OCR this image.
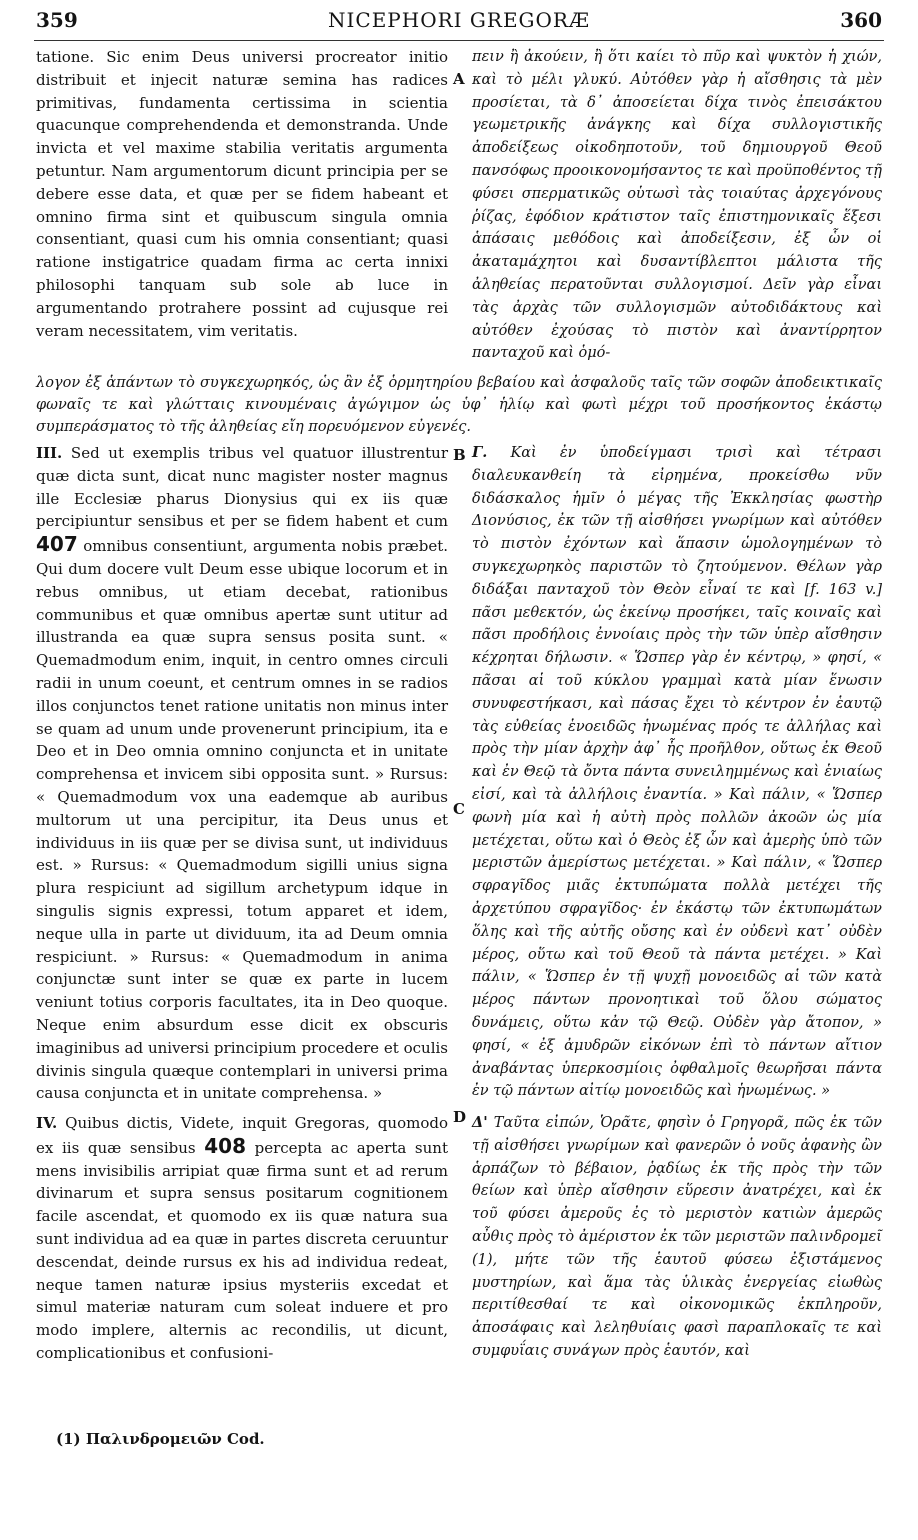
359	NICEPHORI GREGORÆ	360

tatione. Sic enim Deus universi procreator initio distribuit et injecit naturæ semina has radices primitivas, fundamenta certissima in scientia quacunque comprehendenda et demonstranda. Unde invicta et vel maxime stabilia veritatis argumenta petuntur. Nam argumentorum dicunt principia per se debere esse data, et quæ per se fidem habeant et omnino firma sint et quibuscum singula omnia consentiant, quasi cum his omnia consentiant; quasi ratione instigatrice quadam firma ac certa innixi philosophi tanquam sub sole ab luce in argumentando protrahere possint ad cujusque rei veram necessitatem, vim veritatis.

III. Sed ut exemplis tribus vel quatuor illustrentur quæ dicta sunt, dicat nunc magister noster magnus ille Ecclesiæ pharus Dionysius qui ex iis quæ percipiuntur sensibus et per se fidem habent et cum 407 omnibus consentiunt, argumenta nobis præbet. Qui dum docere vult Deum esse ubique locorum et in rebus omnibus, ut etiam decebat, rationibus communibus et quæ omnibus apertæ sunt utitur ad illustranda ea quæ supra sensus posita sunt. « Quemadmodum enim, inquit, in centro omnes circuli radii in unum coeunt, et centrum omnes in se radios illos conjunctos tenet ratione unitatis non minus inter se quam ad unum unde provenerunt principium, ita e Deo et in Deo omnia omnino conjuncta et in unitate comprehensa et invicem sibi opposita sunt. » Rursus: « Quemadmodum vox una eademque ab auribus multorum ut una percipitur, ita Deus unus et individuus in iis quæ per se divisa sunt, ut individuus est. » Rursus: « Quemadmodum sigilli unius signa plura respiciunt ad sigillum archetypum idque in singulis signis expressi, totum apparet et idem, neque ulla in parte ut dividuum, ita ad Deum omnia respiciunt. » Rursus: « Quemadmodum in anima conjunctæ sunt inter se quæ ex parte in lucem veniunt totius corporis facultates, ita in Deo quoque. Neque enim absurdum esse dicit ex obscuris imaginibus ad universi principium procedere et oculis divinis singula quæque contemplari in universi prima causa conjuncta et in unitate comprehensa. »

IV. Quibus dictis, Videte, inquit Gregoras, quomodo ex iis quæ sensibus 408 percepta ac aperta sunt mens invisibilis arripiat quæ firma sunt et ad rerum divinarum et supra sensus positarum cognitionem facile ascendat, et quomodo ex iis quæ natura sua sunt individua ad ea quæ in partes discreta ceruuntur descendat, deinde rursus ex his ad individua redeat, neque tamen naturæ ipsius mysteriis excedat et simul materiæ naturam cum soleat induere et pro modo implere, alternis ac recondilis, ut dicunt, complicationibus et confusioni-

πειν ἢ ἀκούειν, ἢ ὅτι καίει τὸ πῦρ καὶ ψυκτὸν ἡ χιών, καὶ τὸ μέλι γλυκύ. Αὐτόθεν γὰρ ἡ αἴσθησις τὰ μὲν προσίεται, τὰ δ᾽ ἀποσείεται δίχα τινὸς ἐπεισάκτου γεωμετρικῆς ἀνάγκης καὶ δίχα συλλογιστικῆς ἀποδείξεως οἰκοδηποτοῦν, τοῦ δημιουργοῦ Θεοῦ πανσόφως προοικονομήσαντος τε καὶ προϋποθέντος τῇ φύσει σπερματικῶς οὑτωσὶ τὰς τοιαύτας ἀρχεγόνους ῥίζας, ἐφόδιον κράτιστον ταῖς ἐπιστημονικαῖς ἕξεσι ἁπάσαις μεθόδοις καὶ ἀποδείξεσιν, ἐξ ὧν οἱ ἀκαταμάχητοι καὶ δυσαντίβλεπτοι μάλιστα τῆς ἀληθείας περατοῦνται συλλογισμοί. Δεῖν γὰρ εἶναι τὰς ἀρχὰς τῶν συλλογισμῶν αὐτοδιδάκτους καὶ αὐτόθεν ἐχούσας τὸ πιστὸν καὶ ἀναντίρρητον πανταχοῦ καὶ ὁμό-

λογον ἐξ ἁπάντων τὸ συγκεχωρηκός, ὡς ἂν ἐξ ὁρμητηρίου βεβαίου καὶ ἀσφαλοῦς ταῖς τῶν σοφῶν ἀποδεικτικαῖς φωναῖς τε καὶ γλώτταις κινουμέναις ἀγώγιμον ὡς ὑφ᾽ ἡλίῳ καὶ φωτὶ μέχρι τοῦ προσήκοντος ἑκάστῳ συμπεράσματος τὸ τῆς ἀληθείας εἴη πορευόμενον εὐγενές.

Γ. Καὶ ἐν ὑποδείγμασι τρισὶ καὶ τέτρασι διαλευκανθείη τὰ εἰρημένα, προκείσθω νῦν διδάσκαλος ἡμῖν ὁ μέγας τῆς Ἐκκλησίας φωστὴρ Διονύσιος, ἐκ τῶν τῇ αἰσθήσει γνωρίμων καὶ αὐτόθεν τὸ πιστὸν ἐχόντων καὶ ἅπασιν ὡμολογημένων τὸ συγκεχωρηκὸς παριστῶν τὸ ζητούμενον. Θέλων γὰρ διδάξαι πανταχοῦ τὸν Θεὸν εἶναί τε καὶ [f. 163 v.] πᾶσι μεθεκτόν, ὡς ἐκείνῳ προσήκει, ταῖς κοιναῖς καὶ πᾶσι προδήλοις ἐννοίαις πρὸς τὴν τῶν ὑπὲρ αἴσθησιν κέχρηται δήλωσιν. « Ὥσπερ γὰρ ἐν κέντρῳ, » φησί, « πᾶσαι αἱ τοῦ κύκλου γραμμαὶ κατὰ μίαν ἕνωσιν συνυφεστήκασι, καὶ πάσας ἔχει τὸ κέντρον ἐν ἑαυτῷ τὰς εὐθείας ἑνοειδῶς ἡνωμένας πρός τε ἀλλήλας καὶ πρὸς τὴν μίαν ἀρχὴν ἀφ᾽ ἧς προῆλθον, οὕτως ἐκ Θεοῦ καὶ ἐν Θεῷ τὰ ὄντα πάντα συνειλημμένως καὶ ἑνιαίως εἰσί, καὶ τὰ ἀλλήλοις ἐναντία. » Καὶ πάλιν, « Ὥσπερ φωνὴ μία καὶ ἡ αὐτὴ πρὸς πολλῶν ἀκοῶν ὡς μία μετέχεται, οὕτω καὶ ὁ Θεὸς ἐξ ὧν καὶ ἀμερὴς ὑπὸ τῶν μεριστῶν ἀμερίστως μετέχεται. » Καὶ πάλιν, « Ὥσπερ σφραγῖδος μιᾶς ἐκτυπώματα πολλὰ μετέχει τῆς ἀρχετύπου σφραγῖδος· ἐν ἑκάστῳ τῶν ἐκτυπωμάτων ὅλης καὶ τῆς αὐτῆς οὔσης καὶ ἐν οὐδενὶ κατ᾽ οὐδὲν μέρος, οὕτω καὶ τοῦ Θεοῦ τὰ πάντα μετέχει. » Καὶ πάλιν, « Ὥσπερ ἐν τῇ ψυχῇ μονοειδῶς αἱ τῶν κατὰ μέρος πάντων προνοητικαὶ τοῦ ὅλου σώματος δυνάμεις, οὕτω κἀν τῷ Θεῷ. Οὐδὲν γὰρ ἄτοπον, » φησί, « ἐξ ἀμυδρῶν εἰκόνων ἐπὶ τὸ πάντων αἴτιον ἀναβάντας ὑπερκοσμίοις ὀφθαλμοῖς θεωρῆσαι πάντα ἐν τῷ πάντων αἰτίῳ μονοειδῶς καὶ ἡνωμένως. »

Δ' Ταῦτα εἰπών, Ὁρᾶτε, φησὶν ὁ Γρηγορᾶ, πῶς ἐκ τῶν τῇ αἰσθήσει γνωρίμων καὶ φανερῶν ὁ νοῦς ἀφανὴς ὢν ἁρπάζων τὸ βέβαιον, ῥᾳδίως ἐκ τῆς πρὸς τὴν τῶν θείων καὶ ὑπὲρ αἴσθησιν εὕρεσιν ἀνατρέχει, καὶ ἐκ τοῦ φύσει ἀμεροῦς ἐς τὸ μεριστὸν κατιὼν ἀμερῶς αὖθις πρὸς τὸ ἀμέριστον ἐκ τῶν μεριστῶν παλινδρομεῖ (1), μήτε τῶν τῆς ἑαυτοῦ φύσεω ἐξιστάμενος μυστηρίων, καὶ ἅμα τὰς ὑλικὰς ἐνεργείας εἰωθὼς περιτίθεσθαί τε καὶ οἰκονομικῶς ἐκπληροῦν, ἀποσάφαις καὶ λεληθυίαις φασὶ παραπλοκαῖς τε καὶ συμφυΐαις συνάγων πρὸς ἑαυτόν, καὶ

A
B
C
D
(1) Παλινδρομειῶν Cod.
